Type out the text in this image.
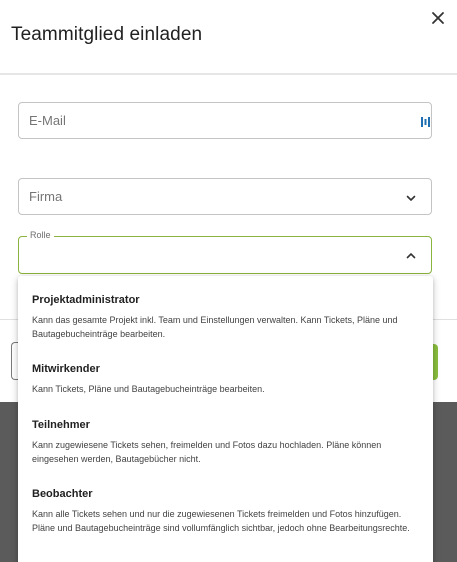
Teammitglied einladen
E-Mail
Firma
Rolle
Projektadministrator
Kann das gesamte Projekt inkl. Team und Einstellungen verwalten. Kann Tickets, Pläne und Bautagebucheinträge bearbeiten.
Mitwirkender
Kann Tickets, Pläne und Bautagebucheinträge bearbeiten.
Teilnehmer
Kann zugewiesene Tickets sehen, freimelden und Fotos dazu hochladen. Pläne können eingesehen werden, Bautagebücher nicht.
Beobachter
Kann alle Tickets sehen und nur die zugewiesenen Tickets freimelden und Fotos hinzufügen. Pläne und Bautagebucheinträge sind vollumfänglich sichtbar, jedoch ohne Bearbeitungsrechte.
